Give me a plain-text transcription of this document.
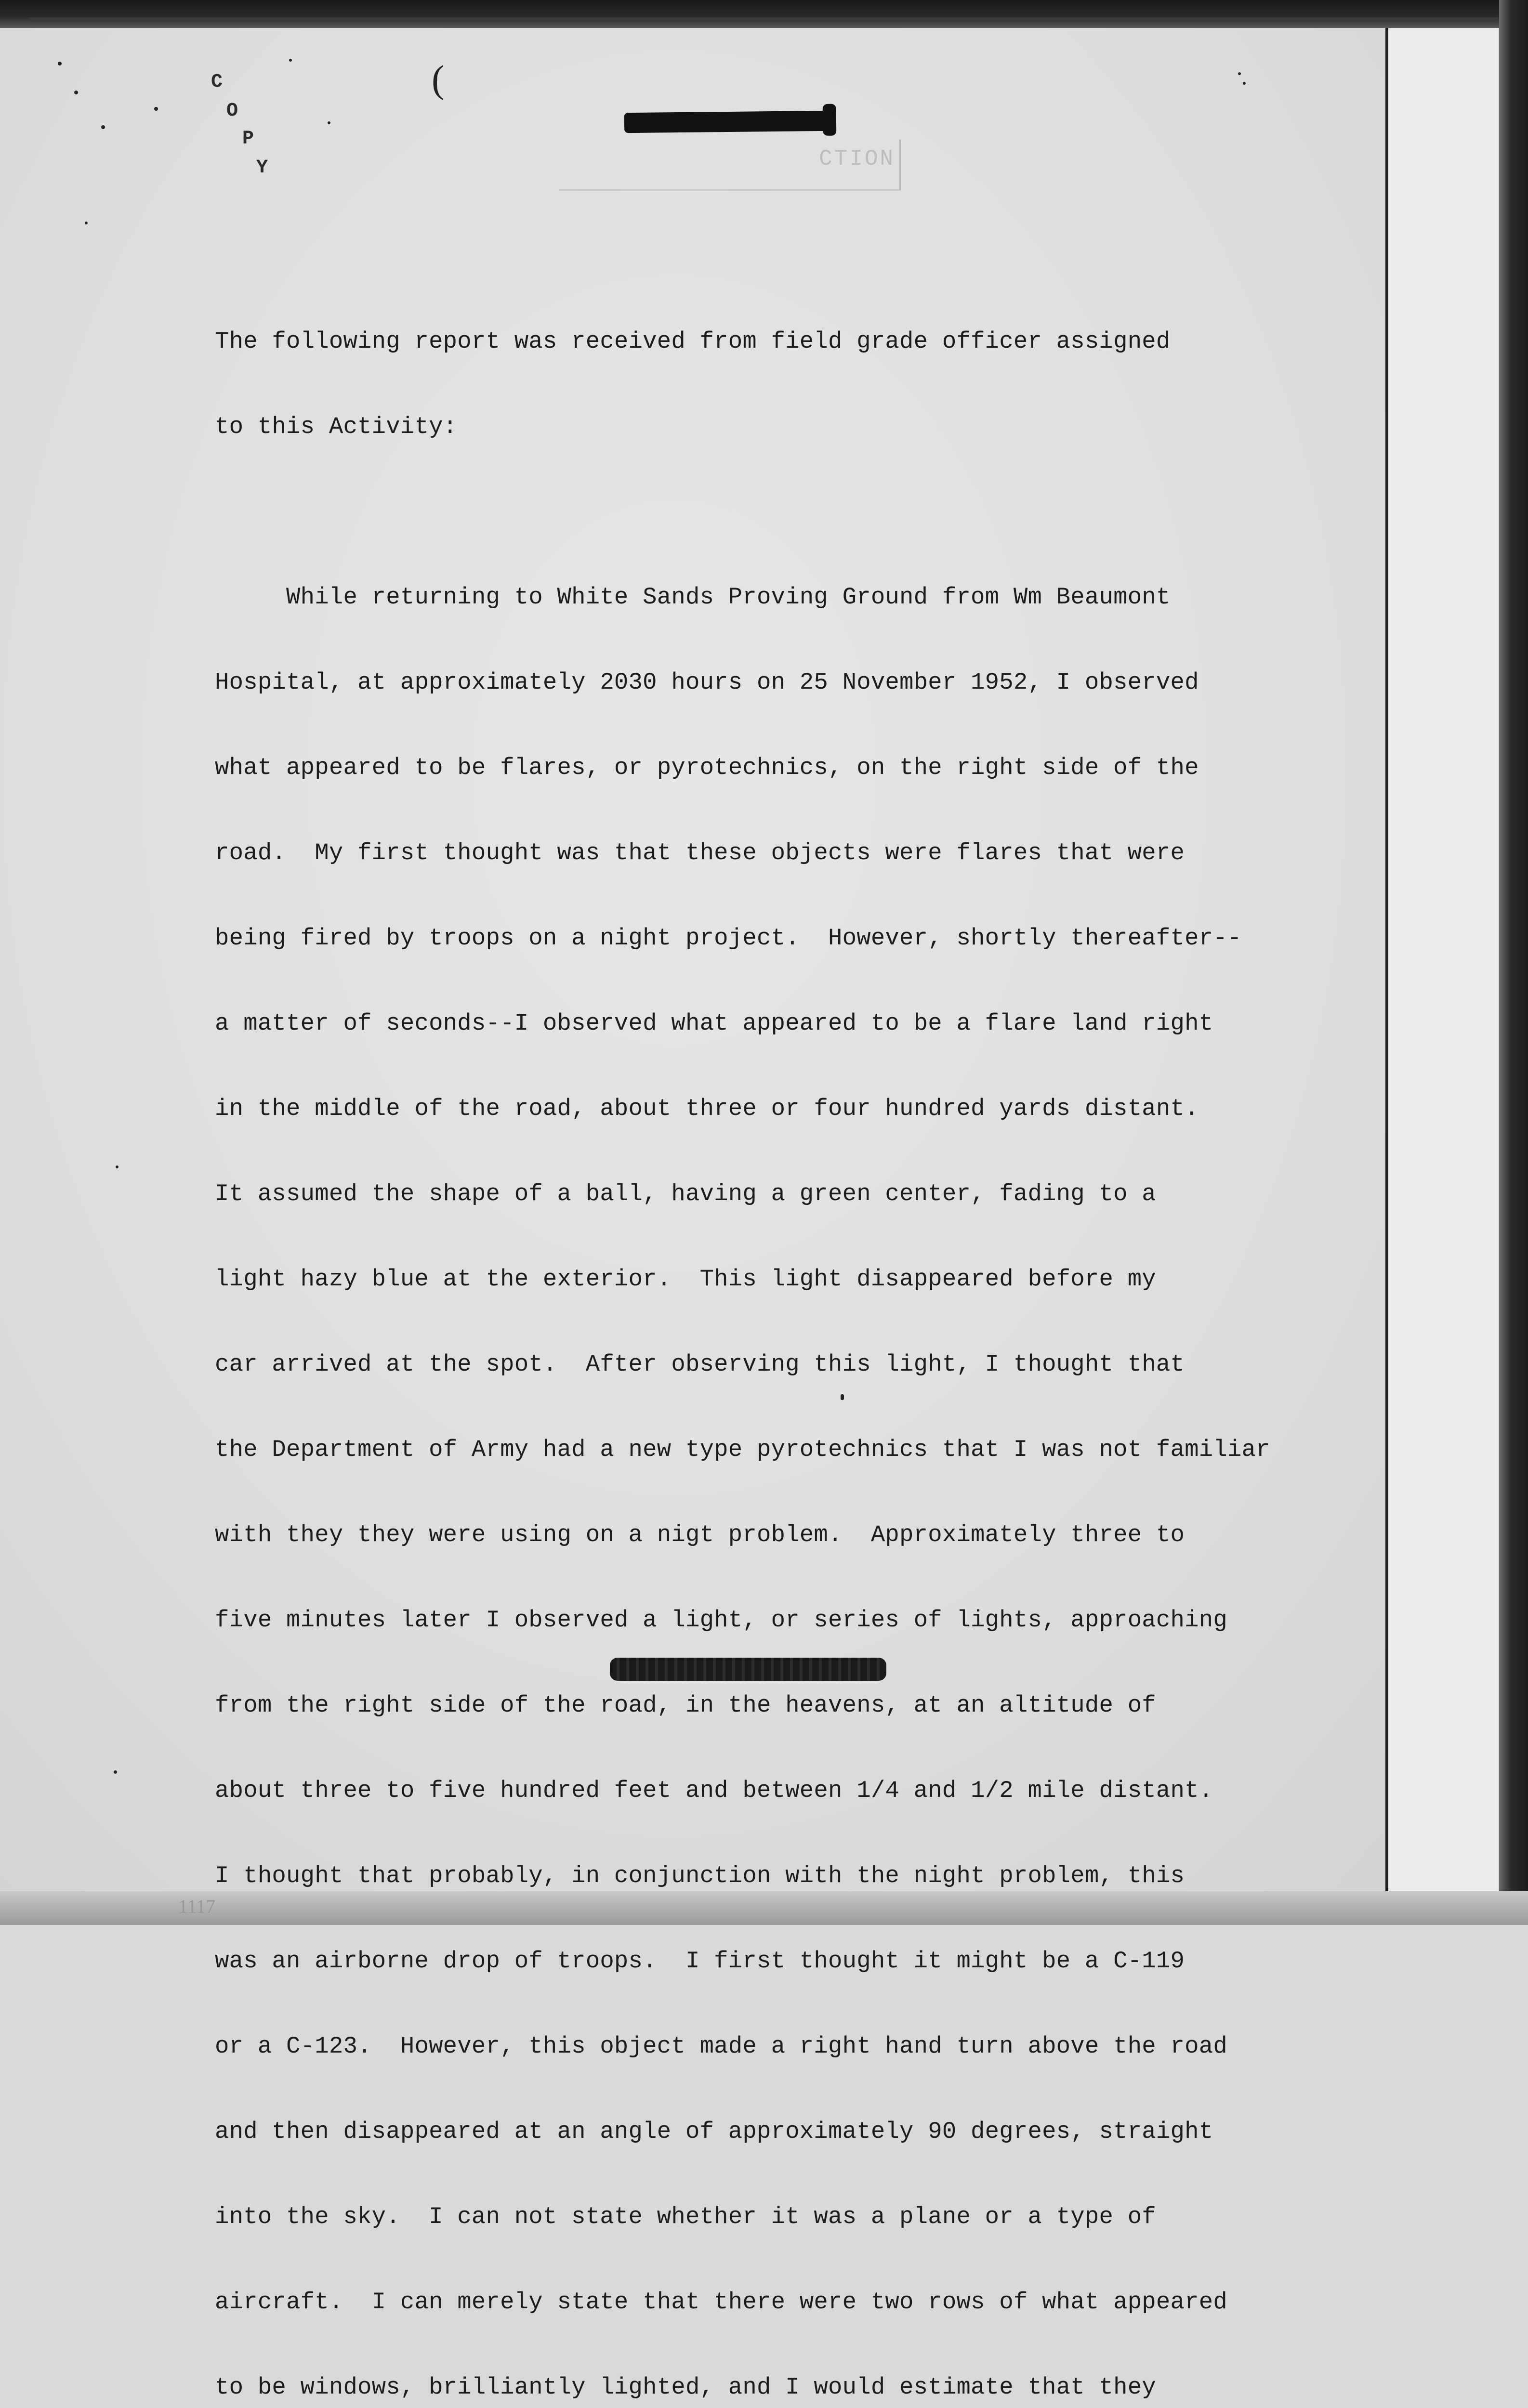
C
O
P
Y
(
CTION

The following report was received from field grade officer assigned

to this Activity:

While returning to White Sands Proving Ground from Wm Beaumont

Hospital, at approximately 2030 hours on 25 November 1952, I observed

what appeared to be flares, or pyrotechnics, on the right side of the

road.  My first thought was that these objects were flares that were

being fired by troops on a night project.  However, shortly thereafter--

a matter of seconds--I observed what appeared to be a flare land right

in the middle of the road, about three or four hundred yards distant.

It assumed the shape of a ball, having a green center, fading to a

light hazy blue at the exterior.  This light disappeared before my

car arrived at the spot.  After observing this light, I thought that

the Department of Army had a new type pyrotechnics that I was not familiar

with they they were using on a nigt problem.  Approximately three to

five minutes later I observed a light, or series of lights, approaching

from the right side of the road, in the heavens, at an altitude of

about three to five hundred feet and between 1/4 and 1/2 mile distant.

I thought that probably, in conjunction with the night problem, this

was an airborne drop of troops.  I first thought it might be a C-119

or a C-123.  However, this object made a right hand turn above the road

and then disappeared at an angle of approximately 90 degrees, straight

into the sky.  I can not state whether it was a plane or a type of

aircraft.  I can merely state that there were two rows of what appeared

to be windows, brilliantly lighted, and I would estimate that they

1117
